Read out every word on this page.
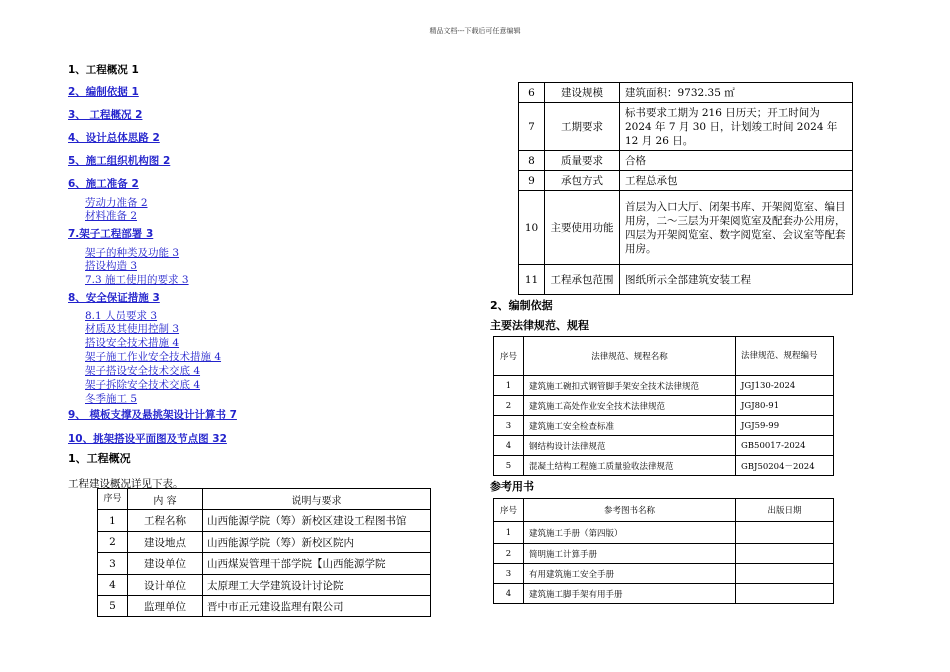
精品文档---下载后可任意编辑
1、工程概况 1
2、编制依据 1
3、 工程概况 2
4、设计总体思路 2
5、施工组织机构图 2
6、施工准备 2
劳动力准备 2
材料准备 2
7.架子工程部署 3
架子的种类及功能 3
搭设构造 3
7.3 施工使用的要求 3
8、安全保证措施 3
8.1 人员要求 3
材质及其使用控制 3
搭设安全技术措施 4
架子施工作业安全技术措施 4
架子搭设安全技术交底 4
架子拆除安全技术交底 4
冬季施工 5
9、 模板支撑及悬挑架设计计算书 7
10、挑架搭设平面图及节点图 32
1、工程概况
工程建设概况详见下表。
序号	内 容	说明与要求
1	工程名称	山西能源学院（筹）新校区建设工程图书馆
2	建设地点	山西能源学院（筹）新校区院内
3	建设单位	山西煤炭管理干部学院【山西能源学院
4	设计单位	太原理工大学建筑设计讨论院
5	监理单位	晋中市正元建设监理有限公司
6	建设规模	建筑面积：9732.35 ㎡
7	工期要求	标书要求工期为 216 日历天；开工时间为 2024 年 7 月 30 日，计划竣工时间 2024 年 12 月 26 日。
8	质量要求	合格
9	承包方式	工程总承包
10	主要使用功能	首层为入口大厅、闭架书库、开架阅览室、编目用房，二～三层为开架阅览室及配套办公用房，四层为开架阅览室、数字阅览室、会议室等配套用房。
11	工程承包范围	图纸所示全部建筑安装工程
2、编制依据
主要法律规范、规程
序号	法律规范、规程名称	法律规范、规程编号
1	建筑施工碗扣式钢管脚手架安全技术法律规范	JGJ130-2024
2	建筑施工高处作业安全技术法律规范	JGJ80-91
3	建筑施工安全检查标准	JGJ59-99
4	钢结构设计法律规范	GB50017-2024
5	混凝土结构工程施工质量验收法律规范	GBJ50204－2024
参考用书
序号	参考图书名称	出版日期
1	建筑施工手册（第四版）	
2	简明施工计算手册	
3	有用建筑施工安全手册	
4	建筑施工脚手架有用手册	
